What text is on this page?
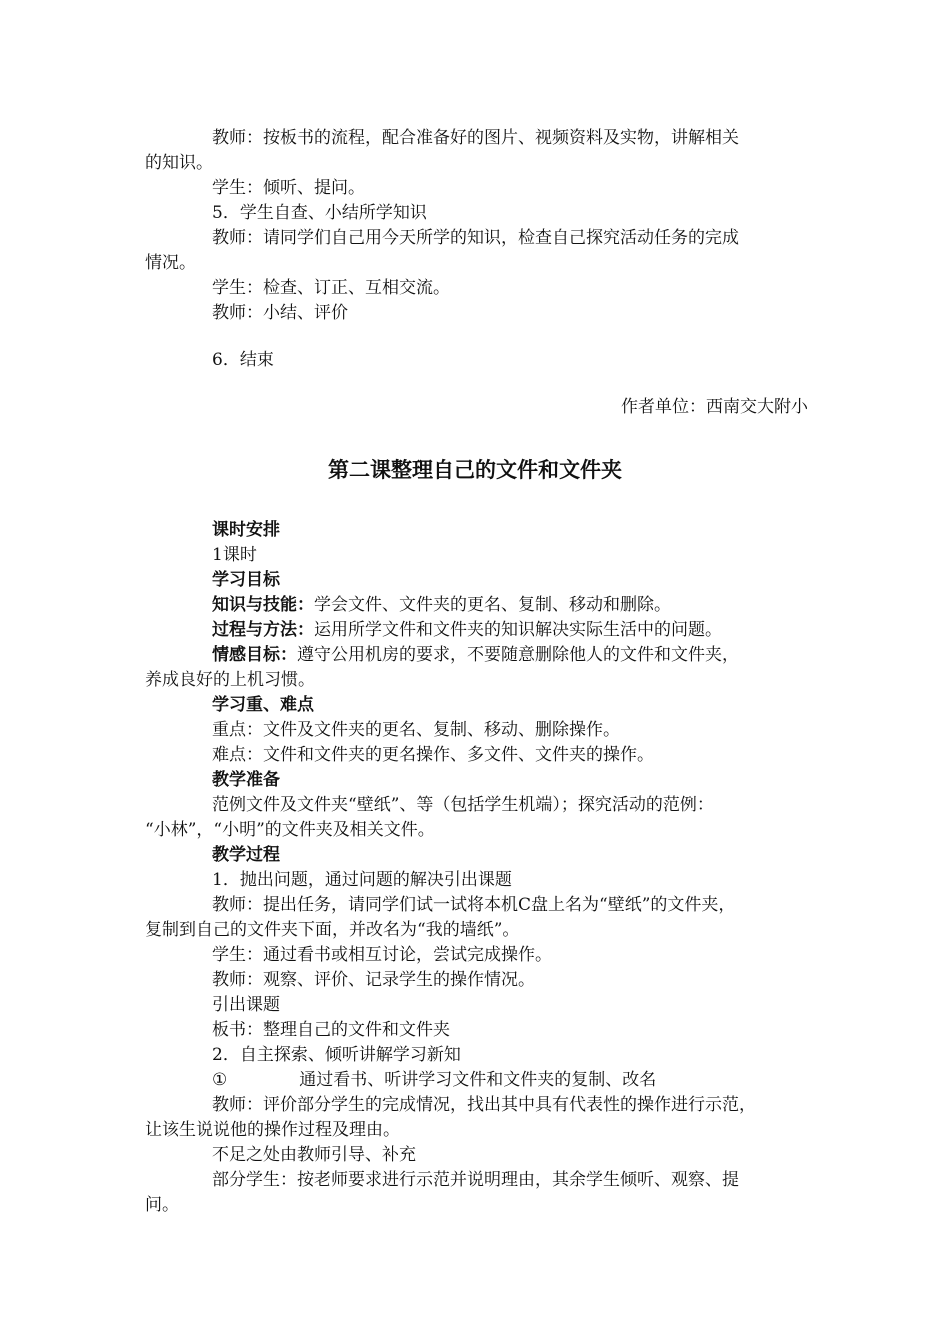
教师：按板书的流程，配合准备好的图片、视频资料及实物，讲解相关
的知识。
学生：倾听、提问。
5．学生自查、小结所学知识
教师：请同学们自己用今天所学的知识，检查自己探究活动任务的完成
情况。
学生：检查、订正、互相交流。
教师：小结、评价
6．结束
作者单位：西南交大附小
第二课整理自己的文件和文件夹
课时安排
1课时
学习目标
知识与技能：学会文件、文件夹的更名、复制、移动和删除。
过程与方法：运用所学文件和文件夹的知识解决实际生活中的问题。
情感目标：遵守公用机房的要求，不要随意删除他人的文件和文件夹，
养成良好的上机习惯。
学习重、难点
重点：文件及文件夹的更名、复制、移动、删除操作。
难点：文件和文件夹的更名操作、多文件、文件夹的操作。
教学准备
范例文件及文件夹“壁纸”、等（包括学生机端）；探究活动的范例：
“小林”，“小明”的文件夹及相关文件。
教学过程
1．抛出问题，通过问题的解决引出课题
教师：提出任务，请同学们试一试将本机C盘上名为“壁纸”的文件夹，
复制到自己的文件夹下面，并改名为“我的墙纸”。
学生：通过看书或相互讨论，尝试完成操作。
教师：观察、评价、记录学生的操作情况。
引出课题
板书：整理自己的文件和文件夹
2．自主探索、倾听讲解学习新知
①	通过看书、听讲学习文件和文件夹的复制、改名
教师：评价部分学生的完成情况，找出其中具有代表性的操作进行示范，
让该生说说他的操作过程及理由。
不足之处由教师引导、补充
部分学生：按老师要求进行示范并说明理由，其余学生倾听、观察、提
问。
